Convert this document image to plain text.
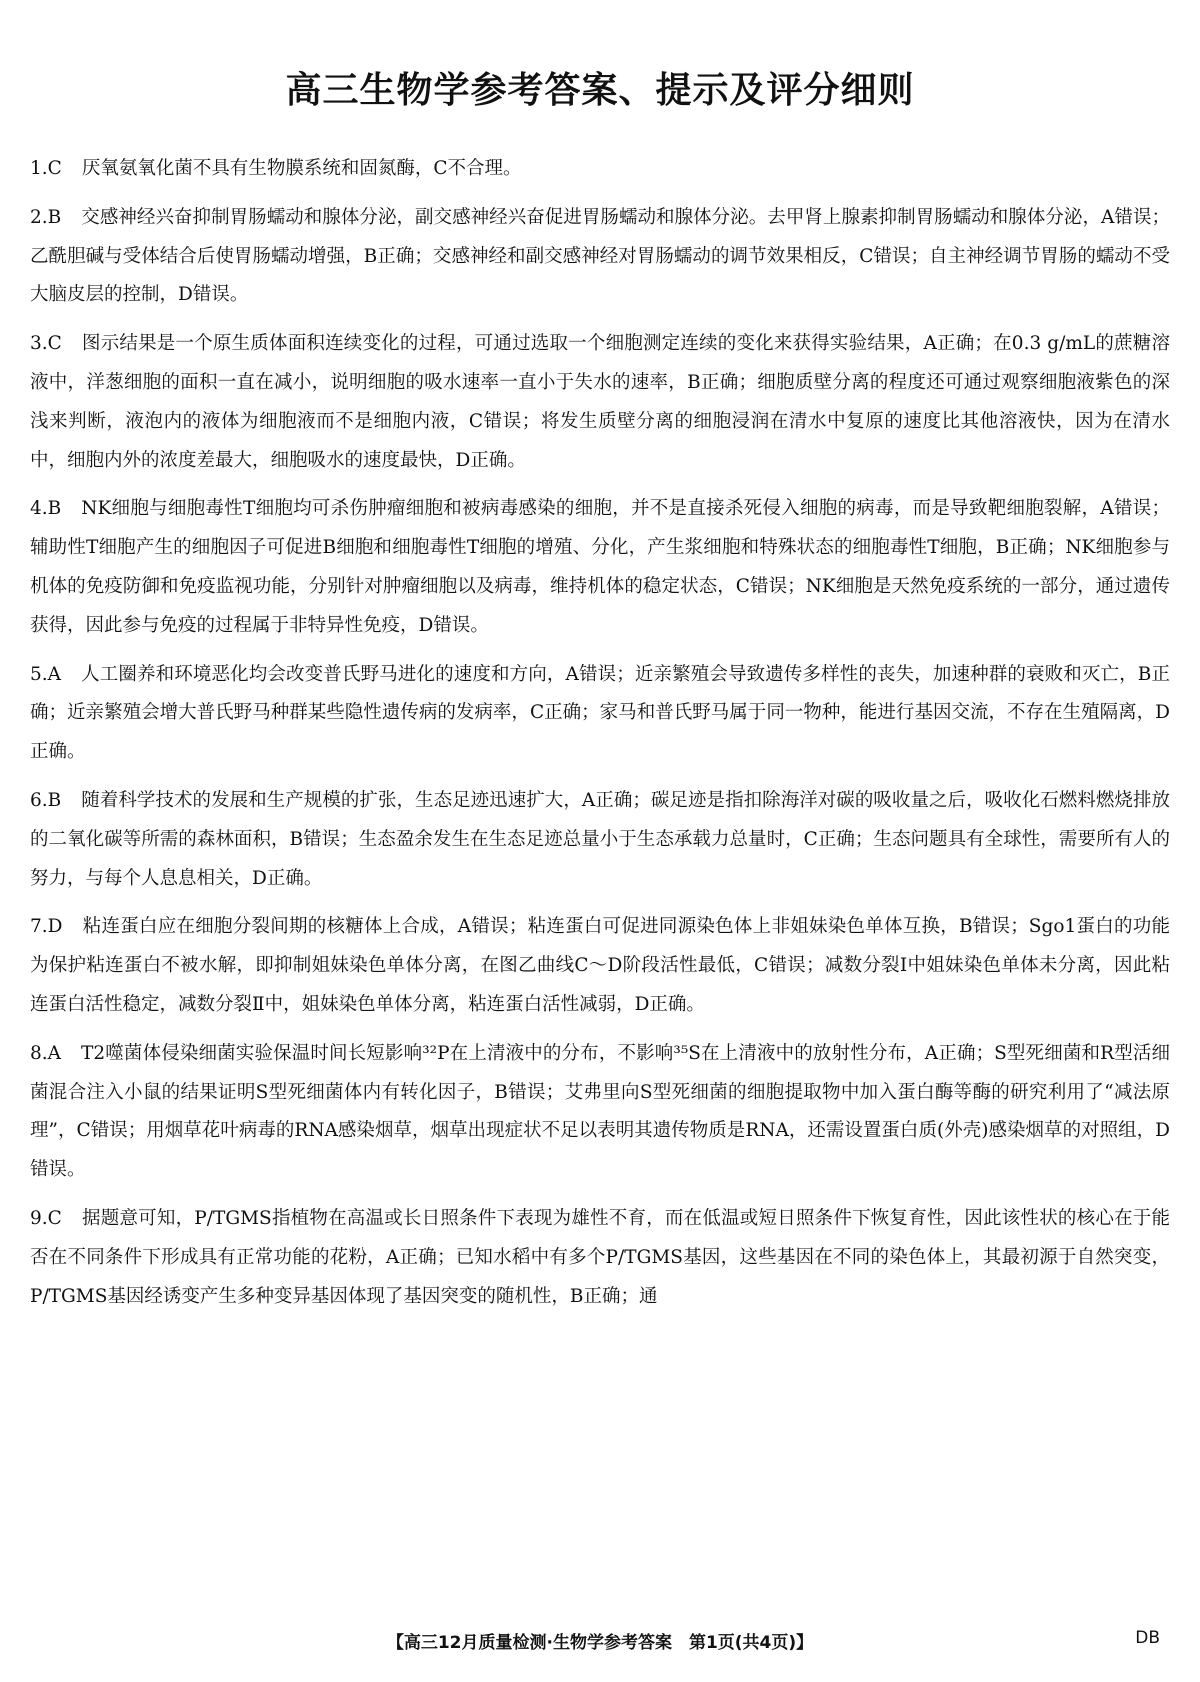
高三生物学参考答案、提示及评分细则

1.C 厌氧氨氧化菌不具有生物膜系统和固氮酶，C不合理。

2.B 交感神经兴奋抑制胃肠蠕动和腺体分泌，副交感神经兴奋促进胃肠蠕动和腺体分泌。去甲肾上腺素抑制胃肠蠕动和腺体分泌，A错误；乙酰胆碱与受体结合后使胃肠蠕动增强，B正确；交感神经和副交感神经对胃肠蠕动的调节效果相反，C错误；自主神经调节胃肠的蠕动不受大脑皮层的控制，D错误。

3.C 图示结果是一个原生质体面积连续变化的过程，可通过选取一个细胞测定连续的变化来获得实验结果，A正确；在0.3 g/mL的蔗糖溶液中，洋葱细胞的面积一直在减小，说明细胞的吸水速率一直小于失水的速率，B正确；细胞质壁分离的程度还可通过观察细胞液紫色的深浅来判断，液泡内的液体为细胞液而不是细胞内液，C错误；将发生质壁分离的细胞浸润在清水中复原的速度比其他溶液快，因为在清水中，细胞内外的浓度差最大，细胞吸水的速度最快，D正确。

4.B NK细胞与细胞毒性T细胞均可杀伤肿瘤细胞和被病毒感染的细胞，并不是直接杀死侵入细胞的病毒，而是导致靶细胞裂解，A错误；辅助性T细胞产生的细胞因子可促进B细胞和细胞毒性T细胞的增殖、分化，产生浆细胞和特殊状态的细胞毒性T细胞，B正确；NK细胞参与机体的免疫防御和免疫监视功能，分别针对肿瘤细胞以及病毒，维持机体的稳定状态，C错误；NK细胞是天然免疫系统的一部分，通过遗传获得，因此参与免疫的过程属于非特异性免疫，D错误。

5.A 人工圈养和环境恶化均会改变普氏野马进化的速度和方向，A错误；近亲繁殖会导致遗传多样性的丧失，加速种群的衰败和灭亡，B正确；近亲繁殖会增大普氏野马种群某些隐性遗传病的发病率，C正确；家马和普氏野马属于同一物种，能进行基因交流，不存在生殖隔离，D正确。

6.B 随着科学技术的发展和生产规模的扩张，生态足迹迅速扩大，A正确；碳足迹是指扣除海洋对碳的吸收量之后，吸收化石燃料燃烧排放的二氧化碳等所需的森林面积，B错误；生态盈余发生在生态足迹总量小于生态承载力总量时，C正确；生态问题具有全球性，需要所有人的努力，与每个人息息相关，D正确。

7.D 粘连蛋白应在细胞分裂间期的核糖体上合成，A错误；粘连蛋白可促进同源染色体上非姐妹染色单体互换，B错误；Sgo1蛋白的功能为保护粘连蛋白不被水解，即抑制姐妹染色单体分离，在图乙曲线C～D阶段活性最低，C错误；减数分裂Ⅰ中姐妹染色单体未分离，因此粘连蛋白活性稳定，减数分裂Ⅱ中，姐妹染色单体分离，粘连蛋白活性减弱，D正确。

8.A T2噬菌体侵染细菌实验保温时间长短影响³²P在上清液中的分布，不影响³⁵S在上清液中的放射性分布，A正确；S型死细菌和R型活细菌混合注入小鼠的结果证明S型死细菌体内有转化因子，B错误；艾弗里向S型死细菌的细胞提取物中加入蛋白酶等酶的研究利用了“减法原理”，C错误；用烟草花叶病毒的RNA感染烟草，烟草出现症状不足以表明其遗传物质是RNA，还需设置蛋白质(外壳)感染烟草的对照组，D错误。

9.C 据题意可知，P/TGMS指植物在高温或长日照条件下表现为雄性不育，而在低温或短日照条件下恢复育性，因此该性状的核心在于能否在不同条件下形成具有正常功能的花粉，A正确；已知水稻中有多个P/TGMS基因，这些基因在不同的染色体上，其最初源于自然突变，P/TGMS基因经诱变产生多种变异基因体现了基因突变的随机性，B正确；通

【高三12月质量检测·生物学参考答案　第1页(共4页)】	DB
